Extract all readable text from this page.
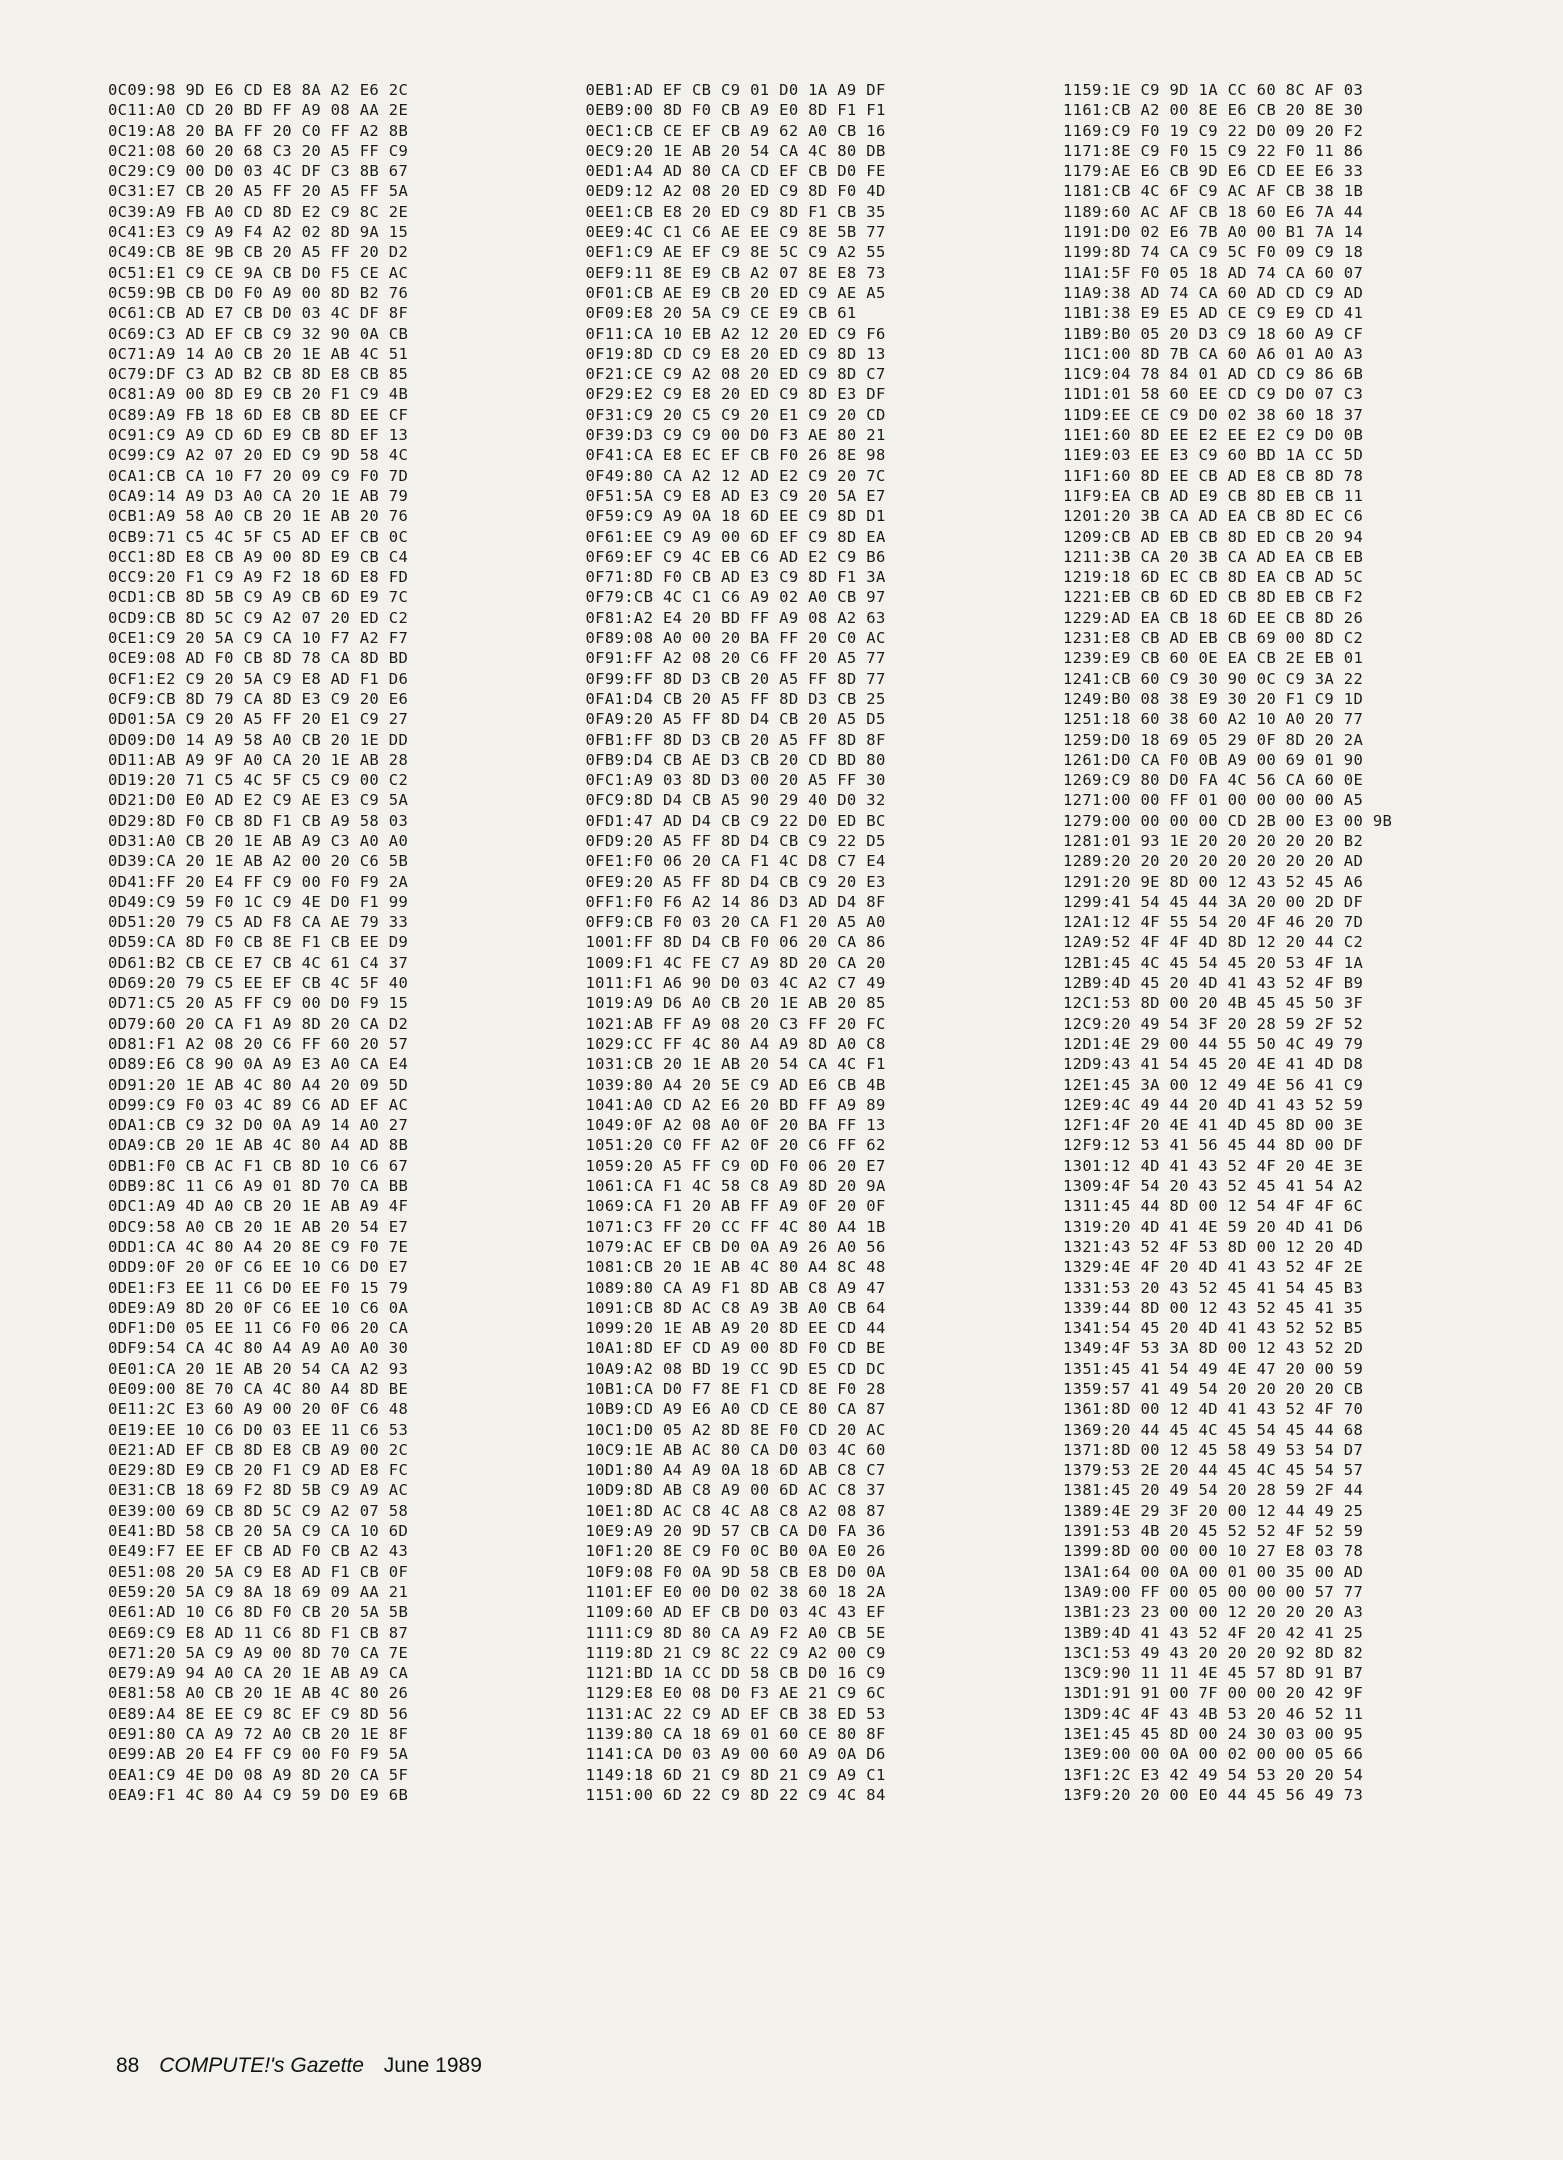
0C09:98 9D E6 CD E8 8A A2 E6 2C
0C11:A0 CD 20 BD FF A9 08 AA 2E
0C19:A8 20 BA FF 20 C0 FF A2 8B
0C21:08 60 20 68 C3 20 A5 FF C9
0C29:C9 00 D0 03 4C DF C3 8B 67
0C31:E7 CB 20 A5 FF 20 A5 FF 5A
0C39:A9 FB A0 CD 8D E2 C9 8C 2E
0C41:E3 C9 A9 F4 A2 02 8D 9A 15
0C49:CB 8E 9B CB 20 A5 FF 20 D2
0C51:E1 C9 CE 9A CB D0 F5 CE AC
0C59:9B CB D0 F0 A9 00 8D B2 76
0C61:CB AD E7 CB D0 03 4C DF 8F
0C69:C3 AD EF CB C9 32 90 0A CB
0C71:A9 14 A0 CB 20 1E AB 4C 51
0C79:DF C3 AD B2 CB 8D E8 CB 85
0C81:A9 00 8D E9 CB 20 F1 C9 4B
0C89:A9 FB 18 6D E8 CB 8D EE CF
0C91:C9 A9 CD 6D E9 CB 8D EF 13
0C99:C9 A2 07 20 ED C9 9D 58 4C
0CA1:CB CA 10 F7 20 09 C9 F0 7D
0CA9:14 A9 D3 A0 CA 20 1E AB 79
0CB1:A9 58 A0 CB 20 1E AB 20 76
0CB9:71 C5 4C 5F C5 AD EF CB 0C
0CC1:8D E8 CB A9 00 8D E9 CB C4
0CC9:20 F1 C9 A9 F2 18 6D E8 FD
0CD1:CB 8D 5B C9 A9 CB 6D E9 7C
0CD9:CB 8D 5C C9 A2 07 20 ED C2
0CE1:C9 20 5A C9 CA 10 F7 A2 F7
0CE9:08 AD F0 CB 8D 78 CA 8D BD
0CF1:E2 C9 20 5A C9 E8 AD F1 D6
0CF9:CB 8D 79 CA 8D E3 C9 20 E6
0D01:5A C9 20 A5 FF 20 E1 C9 27
0D09:D0 14 A9 58 A0 CB 20 1E DD
0D11:AB A9 9F A0 CA 20 1E AB 28
0D19:20 71 C5 4C 5F C5 C9 00 C2
0D21:D0 E0 AD E2 C9 AE E3 C9 5A
0D29:8D F0 CB 8D F1 CB A9 58 03
0D31:A0 CB 20 1E AB A9 C3 A0 A0
0D39:CA 20 1E AB A2 00 20 C6 5B
0D41:FF 20 E4 FF C9 00 F0 F9 2A
0D49:C9 59 F0 1C C9 4E D0 F1 99
0D51:20 79 C5 AD F8 CA AE 79 33
0D59:CA 8D F0 CB 8E F1 CB EE D9
0D61:B2 CB CE E7 CB 4C 61 C4 37
0D69:20 79 C5 EE EF CB 4C 5F 40
0D71:C5 20 A5 FF C9 00 D0 F9 15
0D79:60 20 CA F1 A9 8D 20 CA D2
0D81:F1 A2 08 20 C6 FF 60 20 57
0D89:E6 C8 90 0A A9 E3 A0 CA E4
0D91:20 1E AB 4C 80 A4 20 09 5D
0D99:C9 F0 03 4C 89 C6 AD EF AC
0DA1:CB C9 32 D0 0A A9 14 A0 27
0DA9:CB 20 1E AB 4C 80 A4 AD 8B
0DB1:F0 CB AC F1 CB 8D 10 C6 67
0DB9:8C 11 C6 A9 01 8D 70 CA BB
0DC1:A9 4D A0 CB 20 1E AB A9 4F
0DC9:58 A0 CB 20 1E AB 20 54 E7
0DD1:CA 4C 80 A4 20 8E C9 F0 7E
0DD9:0F 20 0F C6 EE 10 C6 D0 E7
0DE1:F3 EE 11 C6 D0 EE F0 15 79
0DE9:A9 8D 20 0F C6 EE 10 C6 0A
0DF1:D0 05 EE 11 C6 F0 06 20 CA
0DF9:54 CA 4C 80 A4 A9 A0 A0 30
0E01:CA 20 1E AB 20 54 CA A2 93
0E09:00 8E 70 CA 4C 80 A4 8D BE
0E11:2C E3 60 A9 00 20 0F C6 48
0E19:EE 10 C6 D0 03 EE 11 C6 53
0E21:AD EF CB 8D E8 CB A9 00 2C
0E29:8D E9 CB 20 F1 C9 AD E8 FC
0E31:CB 18 69 F2 8D 5B C9 A9 AC
0E39:00 69 CB 8D 5C C9 A2 07 58
0E41:BD 58 CB 20 5A C9 CA 10 6D
0E49:F7 EE EF CB AD F0 CB A2 43
0E51:08 20 5A C9 E8 AD F1 CB 0F
0E59:20 5A C9 8A 18 69 09 AA 21
0E61:AD 10 C6 8D F0 CB 20 5A 5B
0E69:C9 E8 AD 11 C6 8D F1 CB 87
0E71:20 5A C9 A9 00 8D 70 CA 7E
0E79:A9 94 A0 CA 20 1E AB A9 CA
0E81:58 A0 CB 20 1E AB 4C 80 26
0E89:A4 8E EE C9 8C EF C9 8D 56
0E91:80 CA A9 72 A0 CB 20 1E 8F
0E99:AB 20 E4 FF C9 00 F0 F9 5A
0EA1:C9 4E D0 08 A9 8D 20 CA 5F
0EA9:F1 4C 80 A4 C9 59 D0 E9 6B
0EB1:AD EF CB C9 01 D0 1A A9 DF
0EB9:00 8D F0 CB A9 E0 8D F1 F1
0EC1:CB CE EF CB A9 62 A0 CB 16
0EC9:20 1E AB 20 54 CA 4C 80 DB
0ED1:A4 AD 80 CA CD EF CB D0 FE
0ED9:12 A2 08 20 ED C9 8D F0 4D
0EE1:CB E8 20 ED C9 8D F1 CB 35
0EE9:4C C1 C6 AE EE C9 8E 5B 77
0EF1:C9 AE EF C9 8E 5C C9 A2 55
0EF9:11 8E E9 CB A2 07 8E E8 73
0F01:CB AE E9 CB 20 ED C9 AE A5
0F09:E8 20 5A C9 CE E9 CB 61
0F11:CA 10 EB A2 12 20 ED C9 F6
0F19:8D CD C9 E8 20 ED C9 8D 13
0F21:CE C9 A2 08 20 ED C9 8D C7
0F29:E2 C9 E8 20 ED C9 8D E3 DF
0F31:C9 20 C5 C9 20 E1 C9 20 CD
0F39:D3 C9 C9 00 D0 F3 AE 80 21
0F41:CA E8 EC EF CB F0 26 8E 98
0F49:80 CA A2 12 AD E2 C9 20 7C
0F51:5A C9 E8 AD E3 C9 20 5A E7
0F59:C9 A9 0A 18 6D EE C9 8D D1
0F61:EE C9 A9 00 6D EF C9 8D EA
0F69:EF C9 4C EB C6 AD E2 C9 B6
0F71:8D F0 CB AD E3 C9 8D F1 3A
0F79:CB 4C C1 C6 A9 02 A0 CB 97
0F81:A2 E4 20 BD FF A9 08 A2 63
0F89:08 A0 00 20 BA FF 20 C0 AC
0F91:FF A2 08 20 C6 FF 20 A5 77
0F99:FF 8D D3 CB 20 A5 FF 8D 77
0FA1:D4 CB 20 A5 FF 8D D3 CB 25
0FA9:20 A5 FF 8D D4 CB 20 A5 D5
0FB1:FF 8D D3 CB 20 A5 FF 8D 8F
0FB9:D4 CB AE D3 CB 20 CD BD 80
0FC1:A9 03 8D D3 00 20 A5 FF 30
0FC9:8D D4 CB A5 90 29 40 D0 32
0FD1:47 AD D4 CB C9 22 D0 ED BC
0FD9:20 A5 FF 8D D4 CB C9 22 D5
0FE1:F0 06 20 CA F1 4C D8 C7 E4
0FE9:20 A5 FF 8D D4 CB C9 20 E3
0FF1:F0 F6 A2 14 86 D3 AD D4 8F
0FF9:CB F0 03 20 CA F1 20 A5 A0
1001:FF 8D D4 CB F0 06 20 CA 86
1009:F1 4C FE C7 A9 8D 20 CA 20
1011:F1 A6 90 D0 03 4C A2 C7 49
1019:A9 D6 A0 CB 20 1E AB 20 85
1021:AB FF A9 08 20 C3 FF 20 FC
1029:CC FF 4C 80 A4 A9 8D A0 C8
1031:CB 20 1E AB 20 54 CA 4C F1
1039:80 A4 20 5E C9 AD E6 CB 4B
1041:A0 CD A2 E6 20 BD FF A9 89
1049:0F A2 08 A0 0F 20 BA FF 13
1051:20 C0 FF A2 0F 20 C6 FF 62
1059:20 A5 FF C9 0D F0 06 20 E7
1061:CA F1 4C 58 C8 A9 8D 20 9A
1069:CA F1 20 AB FF A9 0F 20 0F
1071:C3 FF 20 CC FF 4C 80 A4 1B
1079:AC EF CB D0 0A A9 26 A0 56
1081:CB 20 1E AB 4C 80 A4 8C 48
1089:80 CA A9 F1 8D AB C8 A9 47
1091:CB 8D AC C8 A9 3B A0 CB 64
1099:20 1E AB A9 20 8D EE CD 44
10A1:8D EF CD A9 00 8D F0 CD BE
10A9:A2 08 BD 19 CC 9D E5 CD DC
10B1:CA D0 F7 8E F1 CD 8E F0 28
10B9:CD A9 E6 A0 CD CE 80 CA 87
10C1:D0 05 A2 8D 8E F0 CD 20 AC
10C9:1E AB AC 80 CA D0 03 4C 60
10D1:80 A4 A9 0A 18 6D AB C8 C7
10D9:8D AB C8 A9 00 6D AC C8 37
10E1:8D AC C8 4C A8 C8 A2 08 87
10E9:A9 20 9D 57 CB CA D0 FA 36
10F1:20 8E C9 F0 0C B0 0A E0 26
10F9:08 F0 0A 9D 58 CB E8 D0 0A
1101:EF E0 00 D0 02 38 60 18 2A
1109:60 AD EF CB D0 03 4C 43 EF
1111:C9 8D 80 CA A9 F2 A0 CB 5E
1119:8D 21 C9 8C 22 C9 A2 00 C9
1121:BD 1A CC DD 58 CB D0 16 C9
1129:E8 E0 08 D0 F3 AE 21 C9 6C
1131:AC 22 C9 AD EF CB 38 ED 53
1139:80 CA 18 69 01 60 CE 80 8F
1141:CA D0 03 A9 00 60 A9 0A D6
1149:18 6D 21 C9 8D 21 C9 A9 C1
1151:00 6D 22 C9 8D 22 C9 4C 84
1159:1E C9 9D 1A CC 60 8C AF 03
1161:CB A2 00 8E E6 CB 20 8E 30
1169:C9 F0 19 C9 22 D0 09 20 F2
1171:8E C9 F0 15 C9 22 F0 11 86
1179:AE E6 CB 9D E6 CD EE E6 33
1181:CB 4C 6F C9 AC AF CB 38 1B
1189:60 AC AF CB 18 60 E6 7A 44
1191:D0 02 E6 7B A0 00 B1 7A 14
1199:8D 74 CA C9 5C F0 09 C9 18
11A1:5F F0 05 18 AD 74 CA 60 07
11A9:38 AD 74 CA 60 AD CD C9 AD
11B1:38 E9 E5 AD CE C9 E9 CD 41
11B9:B0 05 20 D3 C9 18 60 A9 CF
11C1:00 8D 7B CA 60 A6 01 A0 A3
11C9:04 78 84 01 AD CD C9 86 6B
11D1:01 58 60 EE CD C9 D0 07 C3
11D9:EE CE C9 D0 02 38 60 18 37
11E1:60 8D EE E2 EE E2 C9 D0 0B
11E9:03 EE E3 C9 60 BD 1A CC 5D
11F1:60 8D EE CB AD E8 CB 8D 78
11F9:EA CB AD E9 CB 8D EB CB 11
1201:20 3B CA AD EA CB 8D EC C6
1209:CB AD EB CB 8D ED CB 20 94
1211:3B CA 20 3B CA AD EA CB EB
1219:18 6D EC CB 8D EA CB AD 5C
1221:EB CB 6D ED CB 8D EB CB F2
1229:AD EA CB 18 6D EE CB 8D 26
1231:E8 CB AD EB CB 69 00 8D C2
1239:E9 CB 60 0E EA CB 2E EB 01
1241:CB 60 C9 30 90 0C C9 3A 22
1249:B0 08 38 E9 30 20 F1 C9 1D
1251:18 60 38 60 A2 10 A0 20 77
1259:D0 18 69 05 29 0F 8D 20 2A
1261:D0 CA F0 0B A9 00 69 01 90
1269:C9 80 D0 FA 4C 56 CA 60 0E
1271:00 00 FF 01 00 00 00 00 A5
1279:00 00 00 00 CD 2B 00 E3 00 9B
1281:01 93 1E 20 20 20 20 20 B2
1289:20 20 20 20 20 20 20 20 AD
1291:20 9E 8D 00 12 43 52 45 A6
1299:41 54 45 44 3A 20 00 2D DF
12A1:12 4F 55 54 20 4F 46 20 7D
12A9:52 4F 4F 4D 8D 12 20 44 C2
12B1:45 4C 45 54 45 20 53 4F 1A
12B9:4D 45 20 4D 41 43 52 4F B9
12C1:53 8D 00 20 4B 45 45 50 3F
12C9:20 49 54 3F 20 28 59 2F 52
12D1:4E 29 00 44 55 50 4C 49 79
12D9:43 41 54 45 20 4E 41 4D D8
12E1:45 3A 00 12 49 4E 56 41 C9
12E9:4C 49 44 20 4D 41 43 52 59
12F1:4F 20 4E 41 4D 45 8D 00 3E
12F9:12 53 41 56 45 44 8D 00 DF
1301:12 4D 41 43 52 4F 20 4E 3E
1309:4F 54 20 43 52 45 41 54 A2
1311:45 44 8D 00 12 54 4F 4F 6C
1319:20 4D 41 4E 59 20 4D 41 D6
1321:43 52 4F 53 8D 00 12 20 4D
1329:4E 4F 20 4D 41 43 52 4F 2E
1331:53 20 43 52 45 41 54 45 B3
1339:44 8D 00 12 43 52 45 41 35
1341:54 45 20 4D 41 43 52 52 B5
1349:4F 53 3A 8D 00 12 43 52 2D
1351:45 41 54 49 4E 47 20 00 59
1359:57 41 49 54 20 20 20 20 CB
1361:8D 00 12 4D 41 43 52 4F 70
1369:20 44 45 4C 45 54 45 44 68
1371:8D 00 12 45 58 49 53 54 D7
1379:53 2E 20 44 45 4C 45 54 57
1381:45 20 49 54 20 28 59 2F 44
1389:4E 29 3F 20 00 12 44 49 25
1391:53 4B 20 45 52 52 4F 52 59
1399:8D 00 00 00 10 27 E8 03 78
13A1:64 00 0A 00 01 00 35 00 AD
13A9:00 FF 00 05 00 00 00 57 77
13B1:23 23 00 00 12 20 20 20 A3
13B9:4D 41 43 52 4F 20 42 41 25
13C1:53 49 43 20 20 20 92 8D 82
13C9:90 11 11 4E 45 57 8D 91 B7
13D1:91 91 00 7F 00 00 20 42 9F
13D9:4C 4F 43 4B 53 20 46 52 11
13E1:45 45 8D 00 24 30 03 00 95
13E9:00 00 0A 00 02 00 00 05 66
13F1:2C E3 42 49 54 53 20 20 54
13F9:20 20 00 E0 44 45 56 49 73
88 COMPUTE!'s Gazette June 1989
